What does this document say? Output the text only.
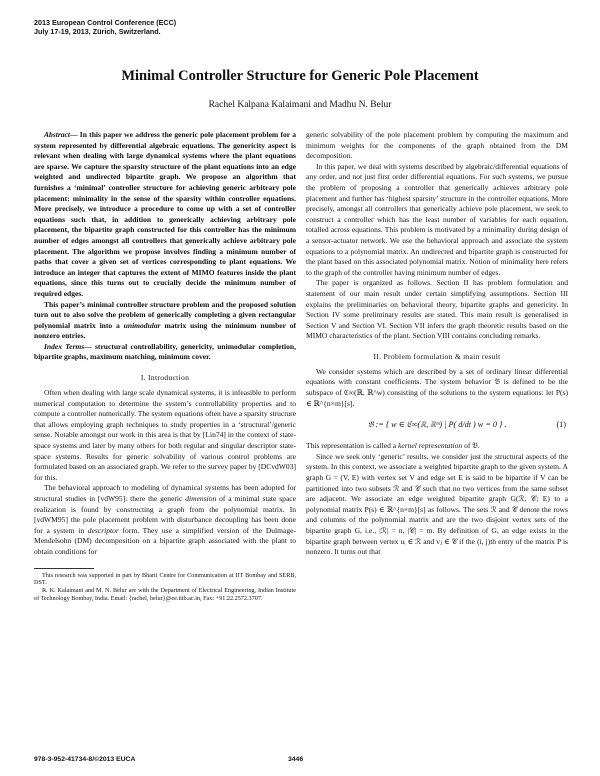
2013 European Control Conference (ECC)
July 17-19, 2013, Zürich, Switzerland.
Minimal Controller Structure for Generic Pole Placement
Rachel Kalpana Kalaimani and Madhu N. Belur

Abstract— In this paper we address the generic pole placement problem for a system represented by differential algebraic equations. The genericity aspect is relevant when dealing with large dynamical systems where the plant equations are sparse. We capture the sparsity structure of the plant equations into an edge weighted and undirected bipartite graph. We propose an algorithm that furnishes a ‘minimal’ controller structure for achieving generic arbitrary pole placement: minimality in the sense of the sparsity within controller equations. More precisely, we introduce a procedure to come up with a set of controller equations such that, in addition to generically achieving arbitrary pole placement, the bipartite graph constructed for this controller has the minimum number of edges amongst all controllers that generically achieve arbitrary pole placement. The algorithm we propose involves finding a minimum number of paths that cover a given set of vertices corresponding to plant equations. We introduce an integer that captures the extent of MIMO features inside the plant equations, since this turns out to crucially decide the minimum number of required edges.

This paper’s minimal controller structure problem and the proposed solution turn out to also solve the problem of generically completing a given rectangular polynomial matrix into a unimodular matrix using the minimum number of nonzero entries.

Index Terms— structural controllability, genericity, unimodular completion, bipartite graphs, maximum matching, minimum cover.

I. Introduction

Often when dealing with large scale dynamical systems, it is infeasible to perform numerical computation to determine the system’s controllability properties and to compute a controller numerically. The system equations often have a sparsity structure that allows employing graph techniques to study properties in a ‘structural’/generic sense. Notable amongst our work in this area is that by [Lin74] in the context of state-space systems and later by many others for both regular and singular descriptor state-space systems. Results for generic solvability of various control problems are formulated based on an associated graph. We refer to the survey paper by [DCvdW03] for this.

The behavioral approach to modeling of dynamical systems has been adopted for structural studies in [vdW95]: there the generic dimension of a minimal state space realization is found by constructing a graph from the polynomial matrix. In [vdWM95] the pole placement problem with disturbance decoupling has been done for a system in descriptor form. They use a simplified version of the Dulmage-Mendelsohn (DM) decomposition on a bipartite graph associated with the plant to obtain conditions for

This research was supported in part by Bharti Centre for Communication at IIT Bombay and SERB, DST.

R. K. Kalaimani and M. N. Belur are with the Department of Electrical Engineering, Indian Institute of Technology Bombay, India. Email: {rachel, belur}@ee.iitb.ac.in, Fax: +91.22.2572.3707.

generic solvability of the pole placement problem by computing the maximum and minimum weights for the components of the graph obtained from the DM decomposition.

In this paper, we deal with systems described by algebraic/differential equations of any order, and not just first order differential equations. For such systems, we pursue the problem of proposing a controller that generically achieves arbitrary pole placement and further has ‘highest sparsity’ structure in the controller equations. More precisely, amongst all controllers that generically achieve pole placement, we seek to construct a controller which has the least number of variables for each equation, totalled across equations. This problem is motivated by a minimality during design of a sensor-actuator network. We use the behavioral approach and associate the system equations to a polynomial matrix. An undirected and bipartite graph is constructed for the plant based on this associated polynomial matrix. Notion of minimality here refers to the graph of the controller having minimum number of edges.

The paper is organized as follows. Section II has problem formulation and statement of our main result under certain simplifying assumptions. Section III explains the preliminaries on behavioral theory, bipartite graphs and genericity. In Section IV some preliminary results are stated. This main result is generalised in Section V and Section VI. Section VII infers the graph theoretic results based on the MIMO characteristics of the plant. Section VIII contains concluding remarks.

II. Problem formulation & main result

We consider systems which are described by a set of ordinary linear differential equations with constant coefficients. The system behavior 𝔅 is defined to be the subspace of ℭ∞(ℝ, ℝ^w) consisting of the solutions to the system equations: let P(s) ∈ ℝ^{n×m}[s].

𝔅 := { w ∈ ℭ∞(ℝ, ℝᵐ) | P( d/dt ) w = 0 } .	(1)

This representation is called a kernel representation of 𝔅.

Since we seek only ‘generic’ results, we consider just the structural aspects of the system. In this context, we associate a weighted bipartite graph to the given system. A graph G = (V, E) with vertex set V and edge set E is said to be bipartite if V can be partitioned into two subsets ℛ and 𝒞 such that no two vertices from the same subset are adjacent. We associate an edge weighted bipartite graph G(ℛ, 𝒞; E) to a polynomial matrix P(s) ∈ ℝ^{n×m}[s] as follows. The sets ℛ and 𝒞 denote the rows and columns of the polynomial matrix and are the two disjoint vertex sets of the bipartite graph G, i.e., |ℛ| = n, |𝒞| = m. By definition of G, an edge exists in the bipartite graph between vertex uᵢ ∈ ℛ and vⱼ ∈ 𝒞 if the (i, j)th entry of the matrix P is nonzero. It turns out that

978-3-952-41734-8/©2013 EUCA	3446
